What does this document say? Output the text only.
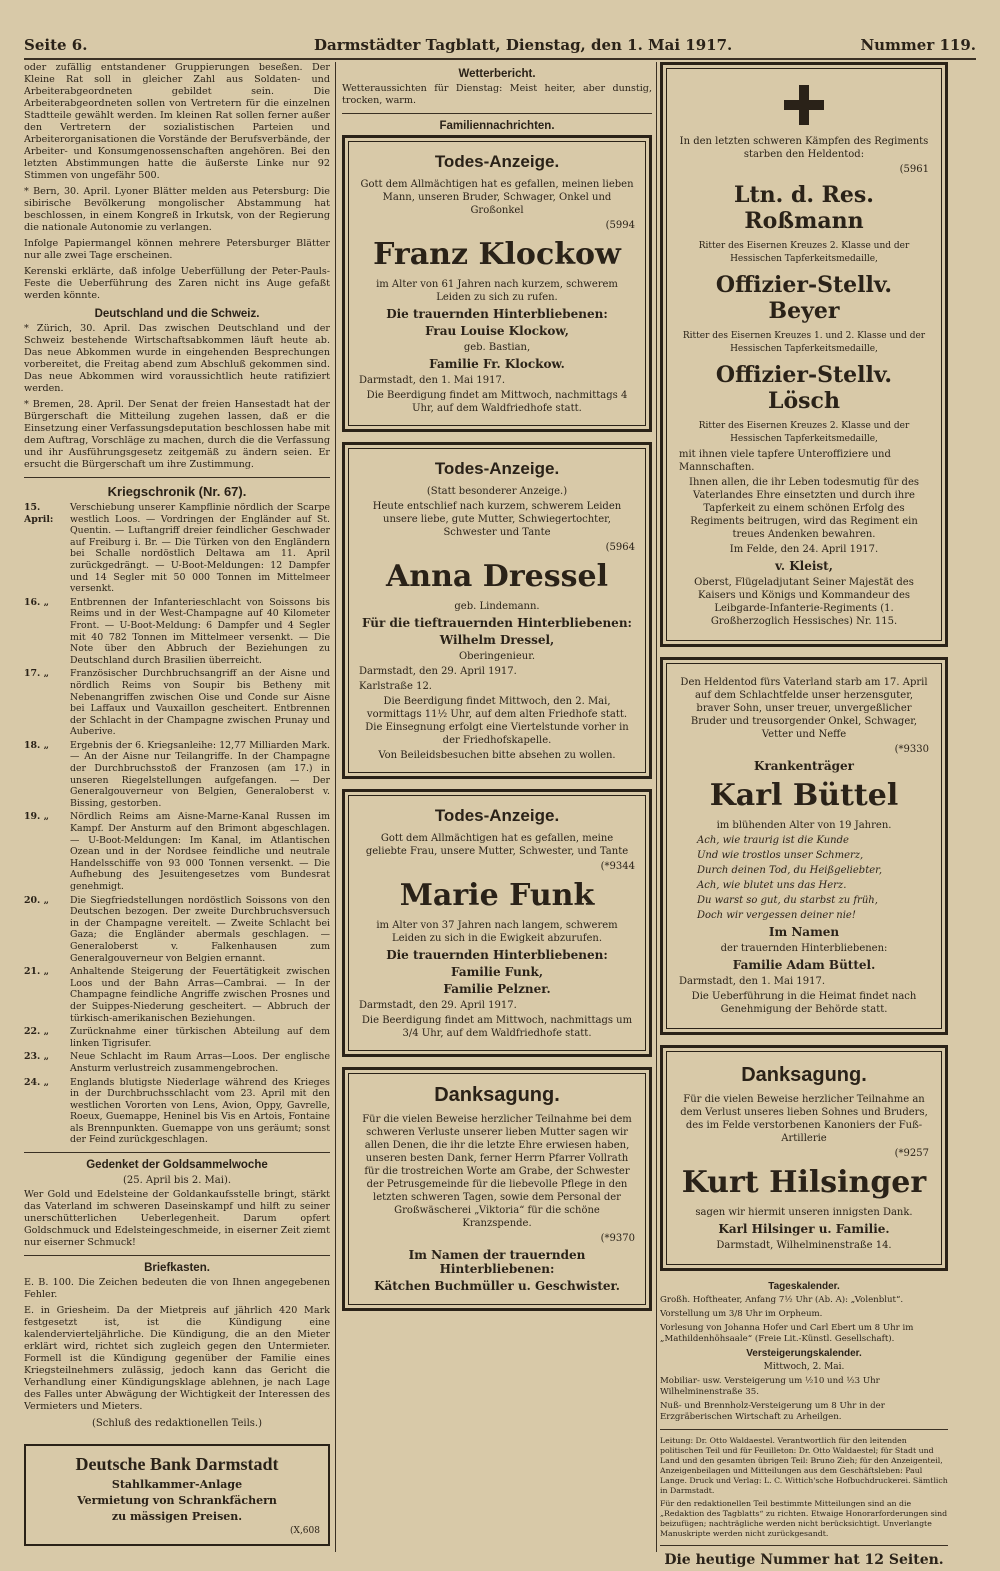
Seite 6.	Darmstädter Tagblatt, Dienstag, den 1. Mai 1917.	Nummer 119.

oder zufällig entstandener Gruppierungen beseßen. Der Kleine Rat soll in gleicher Zahl aus Soldaten- und Arbeiterabgeordneten gebildet sein. Die Arbeiterabgeordneten sollen von Vertretern für die einzelnen Stadtteile gewählt werden. Im kleinen Rat sollen ferner außer den Vertretern der sozialistischen Parteien und Arbeiterorganisationen die Vorstände der Berufsverbände, der Arbeiter- und Konsumgenossenschaften angehören. Bei den letzten Abstimmungen hatte die äußerste Linke nur 92 Stimmen von ungefähr 500.

* Bern, 30. April. Lyoner Blätter melden aus Petersburg: Die sibirische Bevölkerung mongolischer Abstammung hat beschlossen, in einem Kongreß in Irkutsk, von der Regierung die nationale Autonomie zu verlangen.

Infolge Papiermangel können mehrere Petersburger Blätter nur alle zwei Tage erscheinen.

Kerenski erklärte, daß infolge Ueberfüllung der Peter-Pauls-Feste die Ueberführung des Zaren nicht ins Auge gefaßt werden könnte.

Deutschland und die Schweiz.

* Zürich, 30. April. Das zwischen Deutschland und der Schweiz bestehende Wirtschaftsabkommen läuft heute ab. Das neue Abkommen wurde in eingehenden Besprechungen vorbereitet, die Freitag abend zum Abschluß gekommen sind. Das neue Abkommen wird voraussichtlich heute ratifiziert werden.

* Bremen, 28. April. Der Senat der freien Hansestadt hat der Bürgerschaft die Mitteilung zugehen lassen, daß er die Einsetzung einer Verfassungsdeputation beschlossen habe mit dem Auftrag, Vorschläge zu machen, durch die die Verfassung und ihr Ausführungsgesetz zeitgemäß zu ändern seien. Er ersucht die Bürgerschaft um ihre Zustimmung.

Kriegschronik (Nr. 67).
15. April:
Verschiebung unserer Kampflinie nördlich der Scarpe westlich Loos. — Vordringen der Engländer auf St. Quentin. — Luftangriff dreier feindlicher Geschwader auf Freiburg i. Br. — Die Türken von den Engländern bei Schalle nordöstlich Deltawa am 11. April zurückgedrängt. — U-Boot-Meldungen: 12 Dampfer und 14 Segler mit 50 000 Tonnen im Mittelmeer versenkt.
16. „	Entbrennen der Infanterieschlacht von Soissons bis Reims und in der West-Champagne auf 40 Kilometer Front. — U-Boot-Meldung: 6 Dampfer und 4 Segler mit 40 782 Tonnen im Mittelmeer versenkt. — Die Note über den Abbruch der Beziehungen zu Deutschland durch Brasilien überreicht.
17. „	Französischer Durchbruchsangriff an der Aisne und nördlich Reims von Soupir bis Betheny mit Nebenangriffen zwischen Oise und Conde sur Aisne bei Laffaux und Vauxaillon gescheitert. Entbrennen der Schlacht in der Champagne zwischen Prunay und Auberive.
18. „	Ergebnis der 6. Kriegsanleihe: 12,77 Milliarden Mark. — An der Aisne nur Teilangriffe. In der Champagne der Durchbruchsstoß der Franzosen (am 17.) in unseren Riegelstellungen aufgefangen. — Der Generalgouverneur von Belgien, Generaloberst v. Bissing, gestorben.
19. „	Nördlich Reims am Aisne-Marne-Kanal Russen im Kampf. Der Ansturm auf den Brimont abgeschlagen. — U-Boot-Meldungen: Im Kanal, im Atlantischen Ozean und in der Nordsee feindliche und neutrale Handelsschiffe von 93 000 Tonnen versenkt. — Die Aufhebung des Jesuitengesetzes vom Bundesrat genehmigt.
20. „	Die Siegfriedstellungen nordöstlich Soissons von den Deutschen bezogen. Der zweite Durchbruchsversuch in der Champagne vereitelt. — Zweite Schlacht bei Gaza; die Engländer abermals geschlagen. — Generaloberst v. Falkenhausen zum Generalgouverneur von Belgien ernannt.
21. „	Anhaltende Steigerung der Feuertätigkeit zwischen Loos und der Bahn Arras—Cambrai. — In der Champagne feindliche Angriffe zwischen Prosnes und der Suippes-Niederung gescheitert. — Abbruch der türkisch-amerikanischen Beziehungen.
22. „	Zurücknahme einer türkischen Abteilung auf dem linken Tigrisufer.
23. „	Neue Schlacht im Raum Arras—Loos. Der englische Ansturm verlustreich zusammengebrochen.
24. „	Englands blutigste Niederlage während des Krieges in der Durchbruchsschlacht vom 23. April mit den westlichen Vororten von Lens, Avion, Oppy, Gavrelle, Roeux, Guemappe, Heninel bis Vis en Artois, Fontaine als Brennpunkten. Guemappe von uns geräumt; sonst der Feind zurückgeschlagen.
Gedenket der Goldsammelwoche
(25. April bis 2. Mai).

Wer Gold und Edelsteine der Goldankaufsstelle bringt, stärkt das Vaterland im schweren Daseinskampf und hilft zu seiner unerschütterlichen Ueberlegenheit. Darum opfert Goldschmuck und Edelsteingeschmeide, in eiserner Zeit ziemt nur eiserner Schmuck!

Briefkasten.

E. B. 100. Die Zeichen bedeuten die von Ihnen angegebenen Fehler.

E. in Griesheim. Da der Mietpreis auf jährlich 420 Mark festgesetzt ist, ist die Kündigung eine kalendervierteljährliche. Die Kündigung, die an den Mieter erklärt wird, richtet sich zugleich gegen den Untermieter. Formell ist die Kündigung gegenüber der Familie eines Kriegsteilnehmers zulässig, jedoch kann das Gericht die Verhandlung einer Kündigungsklage ablehnen, je nach Lage des Falles unter Abwägung der Wichtigkeit der Interessen des Vermieters und Mieters.

(Schluß des redaktionellen Teils.)
Deutsche Bank Darmstadt
Stahlkammer-Anlage
Vermietung von Schrankfächern
zu mässigen Preisen.
(X,608
Wetterbericht.

Wetteraussichten für Dienstag: Meist heiter, aber dunstig, trocken, warm.

Familiennachrichten.
Todes-Anzeige.
Gott dem Allmächtigen hat es gefallen, meinen lieben Mann, unseren Bruder, Schwager, Onkel und Großonkel
(5994
Franz Klockow
im Alter von 61 Jahren nach kurzem, schwerem Leiden zu sich zu rufen.
Die trauernden Hinterbliebenen:
Frau Louise Klockow,
geb. Bastian,
Familie Fr. Klockow.
Darmstadt, den 1. Mai 1917.
Die Beerdigung findet am Mittwoch, nachmittags 4 Uhr, auf dem Waldfriedhofe statt.
Todes-Anzeige.
(Statt besonderer Anzeige.)
Heute entschlief nach kurzem, schwerem Leiden unsere liebe, gute Mutter, Schwiegertochter, Schwester und Tante
(5964
Anna Dressel
geb. Lindemann.
Für die tieftrauernden Hinterbliebenen:
Wilhelm Dressel,
Oberingenieur.
Darmstadt, den 29. April 1917.
Karlstraße 12.
Die Beerdigung findet Mittwoch, den 2. Mai, vormittags 11½ Uhr, auf dem alten Friedhofe statt. Die Einsegnung erfolgt eine Viertelstunde vorher in der Friedhofskapelle.
Von Beileidsbesuchen bitte absehen zu wollen.
Todes-Anzeige.
Gott dem Allmächtigen hat es gefallen, meine geliebte Frau, unsere Mutter, Schwester, und Tante
(*9344
Marie Funk
im Alter von 37 Jahren nach langem, schwerem Leiden zu sich in die Ewigkeit abzurufen.
Die trauernden Hinterbliebenen:
Familie Funk,
Familie Pelzner.
Darmstadt, den 29. April 1917.
Die Beerdigung findet am Mittwoch, nachmittags um 3/4 Uhr, auf dem Waldfriedhofe statt.
Danksagung.
Für die vielen Beweise herzlicher Teilnahme bei dem schweren Verluste unserer lieben Mutter sagen wir allen Denen, die ihr die letzte Ehre erwiesen haben, unseren besten Dank, ferner Herrn Pfarrer Vollrath für die trostreichen Worte am Grabe, der Schwester der Petrusgemeinde für die liebevolle Pflege in den letzten schweren Tagen, sowie dem Personal der Großwäscherei „Viktoria“ für die schöne Kranzspende.
(*9370
Im Namen der trauernden Hinterbliebenen:
Kätchen Buchmüller u. Geschwister.
In den letzten schweren Kämpfen des Regiments starben den Heldentod:
(5961
Ltn. d. Res. Roßmann
Ritter des Eisernen Kreuzes 2. Klasse und der Hessischen Tapferkeitsmedaille,
Offizier-Stellv. Beyer
Ritter des Eisernen Kreuzes 1. und 2. Klasse und der Hessischen Tapferkeitsmedaille,
Offizier-Stellv. Lösch
Ritter des Eisernen Kreuzes 2. Klasse und der Hessischen Tapferkeitsmedaille,
mit ihnen viele tapfere Unteroffiziere und Mannschaften.
Ihnen allen, die ihr Leben todesmutig für des Vaterlandes Ehre einsetzten und durch ihre Tapferkeit zu einem schönen Erfolg des Regiments beitrugen, wird das Regiment ein treues Andenken bewahren.
Im Felde, den 24. April 1917.
v. Kleist,
Oberst, Flügeladjutant Seiner Majestät des Kaisers und Königs und Kommandeur des Leibgarde-Infanterie-Regiments (1. Großherzoglich Hessisches) Nr. 115.
Den Heldentod fürs Vaterland starb am 17. April auf dem Schlachtfelde unser herzensguter, braver Sohn, unser treuer, unvergeßlicher Bruder und treusorgender Onkel, Schwager, Vetter und Neffe
(*9330
Krankenträger
Karl Büttel
im blühenden Alter von 19 Jahren.
Ach, wie traurig ist die Kunde
Und wie trostlos unser Schmerz,
Durch deinen Tod, du Heißgeliebter,
Ach, wie blutet uns das Herz.
Du warst so gut, du starbst zu früh,
Doch wir vergessen deiner nie!
Im Namen
der trauernden Hinterbliebenen:
Familie Adam Büttel.
Darmstadt, den 1. Mai 1917.
Die Ueberführung in die Heimat findet nach Genehmigung der Behörde statt.
Danksagung.
Für die vielen Beweise herzlicher Teilnahme an dem Verlust unseres lieben Sohnes und Bruders, des im Felde verstorbenen Kanoniers der Fuß-Artillerie
(*9257
Kurt Hilsinger
sagen wir hiermit unseren innigsten Dank.
Karl Hilsinger u. Familie.
Darmstadt, Wilhelminenstraße 14.
Tageskalender.

Großh. Hoftheater, Anfang 7½ Uhr (Ab. A): „Volenblut“.

Vorstellung um 3/8 Uhr im Orpheum.

Vorlesung von Johanna Hofer und Carl Ebert um 8 Uhr im „Mathildenhöhsaale“ (Freie Lit.-Künstl. Gesellschaft).

Versteigerungskalender.
Mittwoch, 2. Mai.

Mobiliar- usw. Versteigerung um ½10 und ½3 Uhr Wilhelminenstraße 35.

Nuß- und Brennholz-Versteigerung um 8 Uhr in der Erzgräberischen Wirtschaft zu Arheilgen.

Leitung: Dr. Otto Waldaestel. Verantwortlich für den leitenden politischen Teil und für Feuilleton: Dr. Otto Waldaestel; für Stadt und Land und den gesamten übrigen Teil: Bruno Zieh; für den Anzeigenteil, Anzeigenbeilagen und Mitteilungen aus dem Geschäftsleben: Paul Lange. Druck und Verlag: L. C. Wittich'sche Hofbuchdruckerei. Sämtlich in Darmstadt.

Für den redaktionellen Teil bestimmte Mitteilungen sind an die „Redaktion des Tagblatts“ zu richten. Etwaige Honorarforderungen sind beizufügen; nachträgliche werden nicht berücksichtigt. Unverlangte Manuskripte werden nicht zurückgesandt.

Die heutige Nummer hat 12 Seiten.
